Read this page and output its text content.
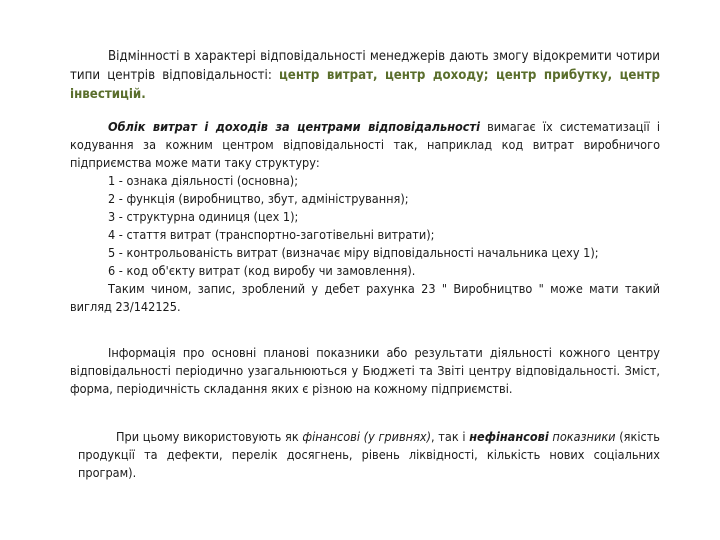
Відмінності в характері відповідальності менеджерів дають змогу відокремити чотири типи центрів відповідальності: центр витрат, центр доходу; центр прибутку, центр інвестицій.

Облік витрат і доходів за центрами відповідальності вимагає їх систематизації і кодування за кожним центром відповідальності так, наприклад код витрат виробничого підприємства може мати таку структуру:
1 - ознака діяльності (основна);
2 - функція (виробництво, збут, адміністрування);
3 - структурна одиниця (цех 1);
4 - стаття витрат (транспортно-заготівельні витрати);
5 - контрольованість витрат (визначає міру відповідальності начальника цеху 1);
6 - код об'єкту витрат (код виробу чи замовлення).
Таким чином, запис, зроблений у дебет рахунка 23 " Виробництво " може мати такий вигляд 23/142125.

Інформація про основні планові показники або результати діяльності кожного центру відповідальності періодично узагальнюються у Бюджеті та Звіті центру відповідальності. Зміст, форма, періодичність складання яких є різною на кожному підприємстві.

При цьому використовують як фінансові (у гривнях), так і нефінансові показники (якість продукції та дефекти, перелік досягнень, рівень ліквідності, кількість нових соціальних програм).
